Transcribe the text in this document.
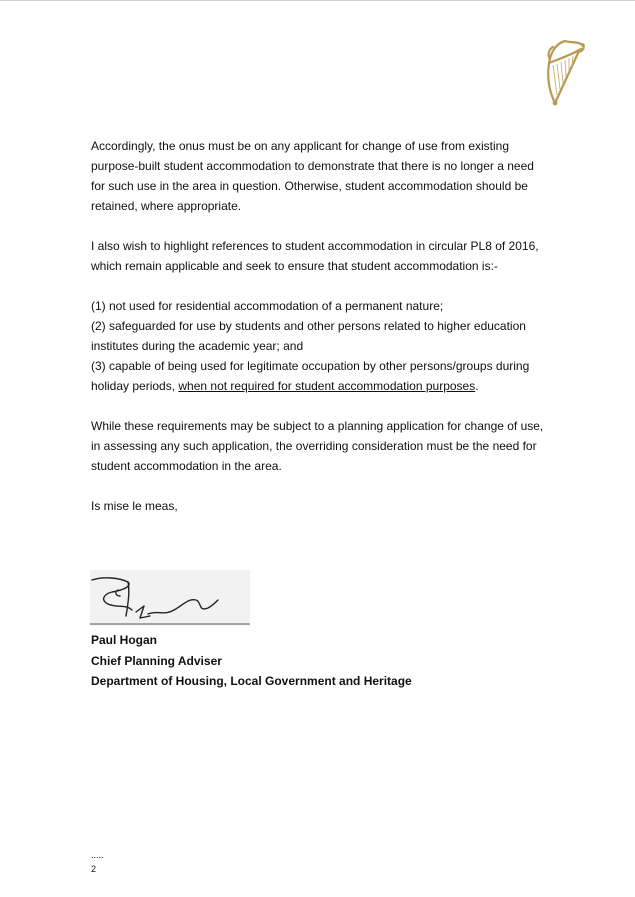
Accordingly, the onus must be on any applicant for change of use from existing purpose-built student accommodation to demonstrate that there is no longer a need for such use in the area in question. Otherwise, student accommodation should be retained, where appropriate.

I also wish to highlight references to student accommodation in circular PL8 of 2016, which remain applicable and seek to ensure that student accommodation is:-

(1) not used for residential accommodation of a permanent nature;

(2) safeguarded for use by students and other persons related to higher education institutes during the academic year; and

(3) capable of being used for legitimate occupation by other persons/groups during holiday periods, when not required for student accommodation purposes.

While these requirements may be subject to a planning application for change of use, in assessing any such application, the overriding consideration must be the need for student accommodation in the area.

Is mise le meas,

Paul Hogan
Chief Planning Adviser
Department of Housing, Local Government and Heritage
.....
2
